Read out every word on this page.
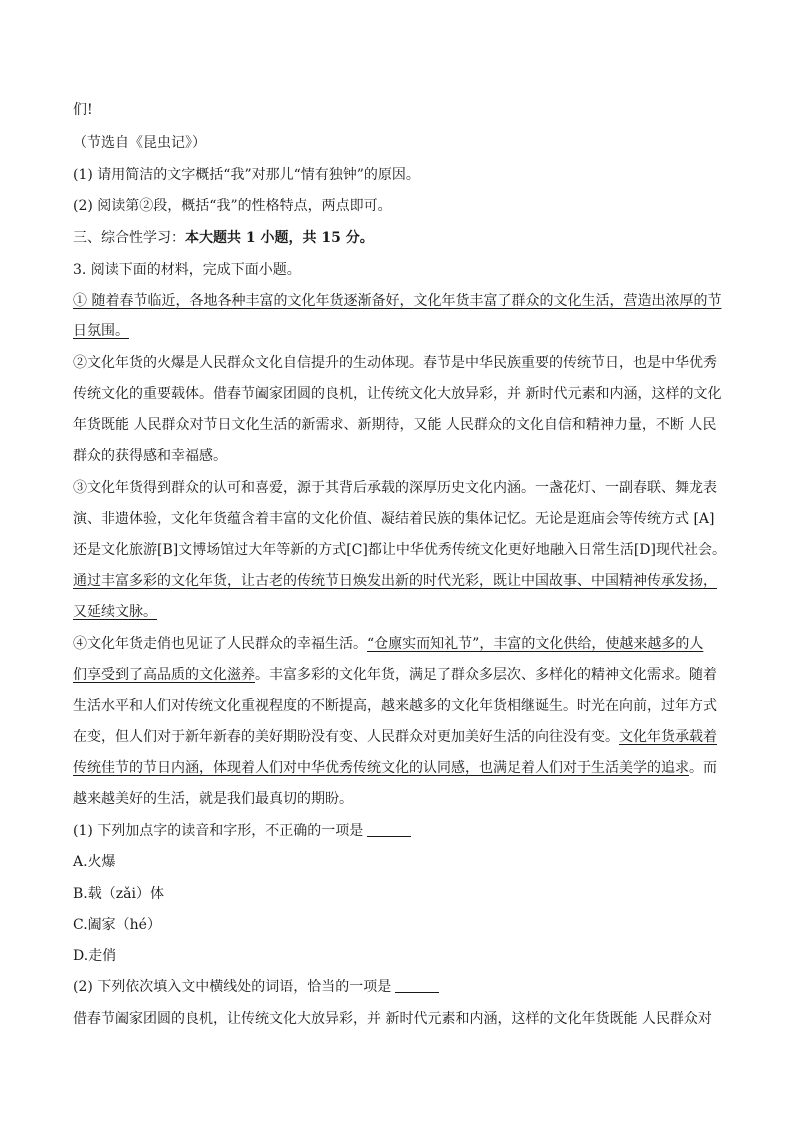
们!
（节选自《昆虫记》）
(1) 请用简洁的文字概括“我”对那儿“情有独钟”的原因。
(2) 阅读第②段，概括“我”的性格特点，两点即可。
三、综合性学习：本大题共 1 小题，共 15 分。
3. 阅读下面的材料，完成下面小题。
① 随着春节临近，各地各种丰富的文化年货逐渐备好，文化年货丰富了群众的文化生活，营造出浓厚的节
日氛围。
②文化年货的火爆是人民群众文化自信提升的生动体现。春节是中华民族重要的传统节日，也是中华优秀
传统文化的重要载体。借春节阖家团圆的良机，让传统文化大放异彩，并 新时代元素和内涵，这样的文化
年货既能 人民群众对节日文化生活的新需求、新期待，又能 人民群众的文化自信和精神力量，不断 人民
群众的获得感和幸福感。
③文化年货得到群众的认可和喜爱，源于其背后承载的深厚历史文化内涵。一盏花灯、一副春联、舞龙表
演、非遗体验，文化年货蕴含着丰富的文化价值、凝结着民族的集体记忆。无论是逛庙会等传统方式 [A]
还是文化旅游[B]文博场馆过大年等新的方式[C]都让中华优秀传统文化更好地融入日常生活[D]现代社会。
通过丰富多彩的文化年货，让古老的传统节日焕发出新的时代光彩，既让中国故事、中国精神传承发扬，
又延续文脉。
④文化年货走俏也见证了人民群众的幸福生活。“仓廪实而知礼节”，丰富的文化供给，使越来越多的人
们享受到了高品质的文化滋养。丰富多彩的文化年货，满足了群众多层次、多样化的精神文化需求。随着
生活水平和人们对传统文化重视程度的不断提高，越来越多的文化年货相继诞生。时光在向前，过年方式
在变，但人们对于新年新春的美好期盼没有变、人民群众对更加美好生活的向往没有变。文化年货承载着
传统佳节的节日内涵，体现着人们对中华优秀传统文化的认同感，也满足着人们对于生活美学的追求。而
越来越美好的生活，就是我们最真切的期盼。
(1) 下列加点字的读音和字形，不正确的一项是
A.火爆
B.载（zǎi）体
C.阖家（hé）
D.走俏
(2) 下列依次填入文中横线处的词语，恰当的一项是
借春节阖家团圆的良机，让传统文化大放异彩，并 新时代元素和内涵，这样的文化年货既能 人民群众对
